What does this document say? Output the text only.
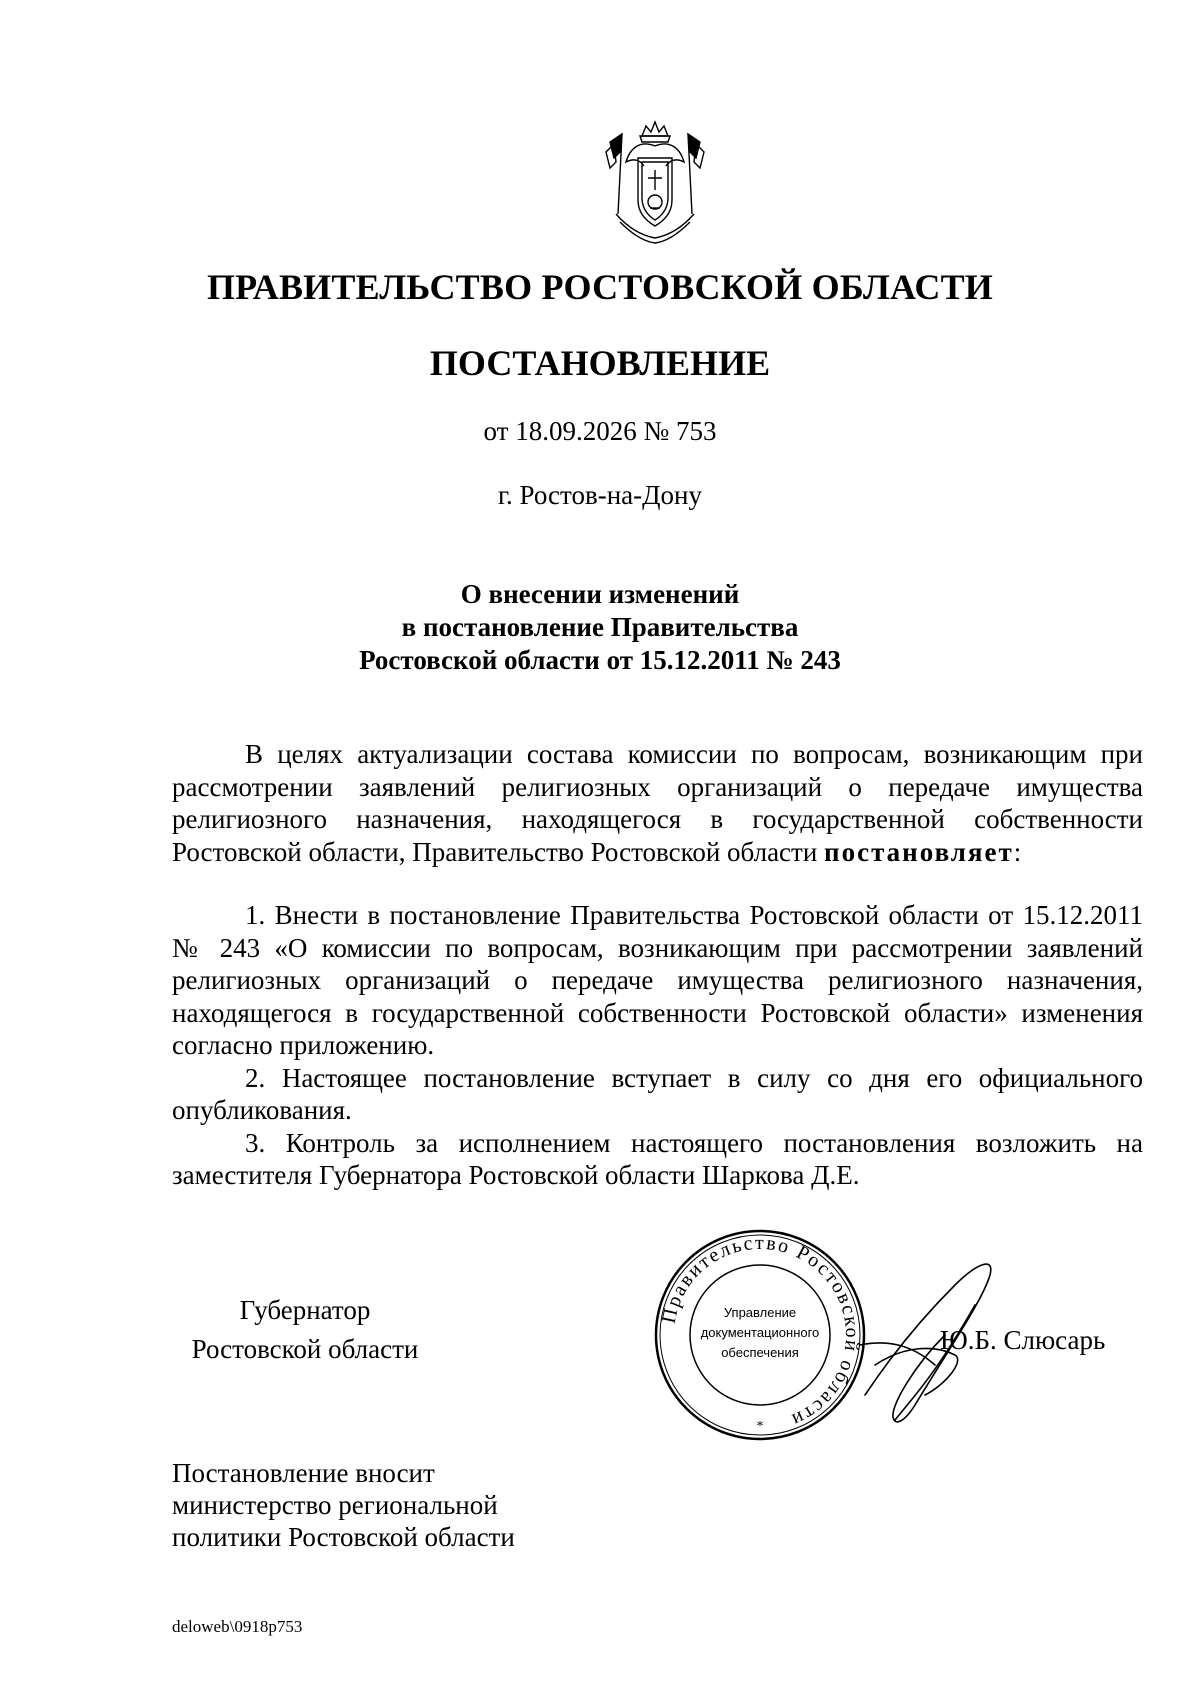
ПРАВИТЕЛЬСТВО РОСТОВСКОЙ ОБЛАСТИ
ПОСТАНОВЛЕНИЕ
от 18.09.2026 № 753
г. Ростов-на-Дону
О внесении изменений
в постановление Правительства
Ростовской области от 15.12.2011 № 243

В целях актуализации состава комиссии по вопросам, возникающим при рассмотрении заявлений религиозных организаций о передаче имущества религиозного назначения, находящегося в государственной собственности Ростовской области, Правительство Ростовской области постановляет:

1. Внести в постановление Правительства Ростовской области от 15.12.2011 № 243 «О комиссии по вопросам, возникающим при рассмотрении заявлений религиозных организаций о передаче имущества религиозного назначения, находящегося в государственной собственности Ростовской области» изменения согласно приложению.

2. Настоящее постановление вступает в силу со дня его официального опубликования.

3. Контроль за исполнением настоящего постановления возложить на заместителя Губернатора Ростовской области Шаркова Д.Е.

Губернатор
Ростовской области
Правительство Ростовской области
*
Управление
документационного
обеспечения	Ю.Б. Слюсарь
Постановление вносит
министерство региональной
политики Ростовской области
deloweb\0918p753
